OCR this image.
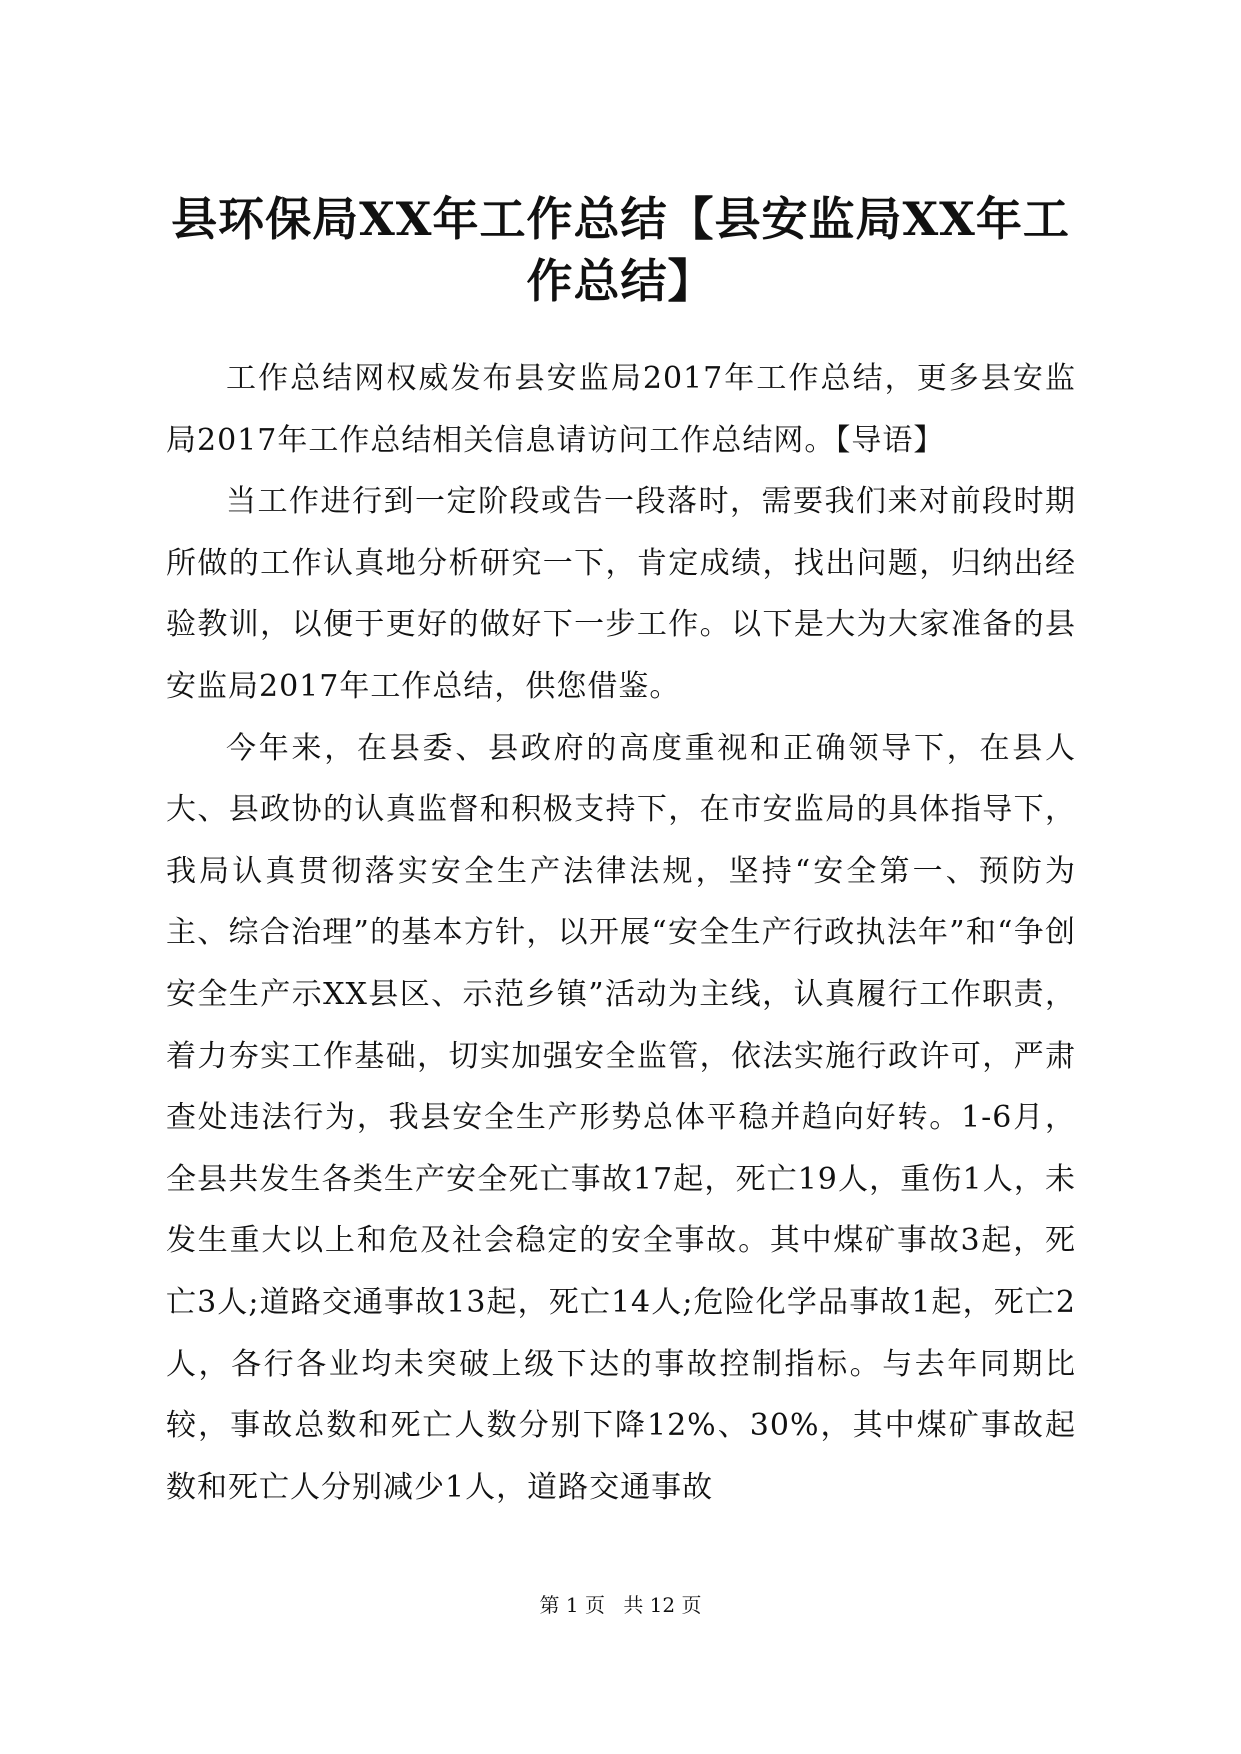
县环保局XX年工作总结【县安监局XX年工作总结】

工作总结网权威发布县安监局2017年工作总结，更多县安监局2017年工作总结相关信息请访问工作总结网。【导语】

当工作进行到一定阶段或告一段落时，需要我们来对前段时期所做的工作认真地分析研究一下，肯定成绩，找出问题，归纳出经验教训，以便于更好的做好下一步工作。以下是大为大家准备的县安监局2017年工作总结，供您借鉴。

今年来，在县委、县政府的高度重视和正确领导下，在县人大、县政协的认真监督和积极支持下，在市安监局的具体指导下，我局认真贯彻落实安全生产法律法规，坚持“安全第一、预防为主、综合治理”的基本方针，以开展“安全生产行政执法年”和“争创安全生产示XX县区、示范乡镇”活动为主线，认真履行工作职责，着力夯实工作基础，切实加强安全监管，依法实施行政许可，严肃查处违法行为，我县安全生产形势总体平稳并趋向好转。1-6月，全县共发生各类生产安全死亡事故17起，死亡19人，重伤1人，未发生重大以上和危及社会稳定的安全事故。其中煤矿事故3起，死亡3人;道路交通事故13起，死亡14人;危险化学品事故1起，死亡2人，各行各业均未突破上级下达的事故控制指标。与去年同期比较，事故总数和死亡人数分别下降12%、30%，其中煤矿事故起数和死亡人分别减少1人，道路交通事故

第 1 页 共 12 页
